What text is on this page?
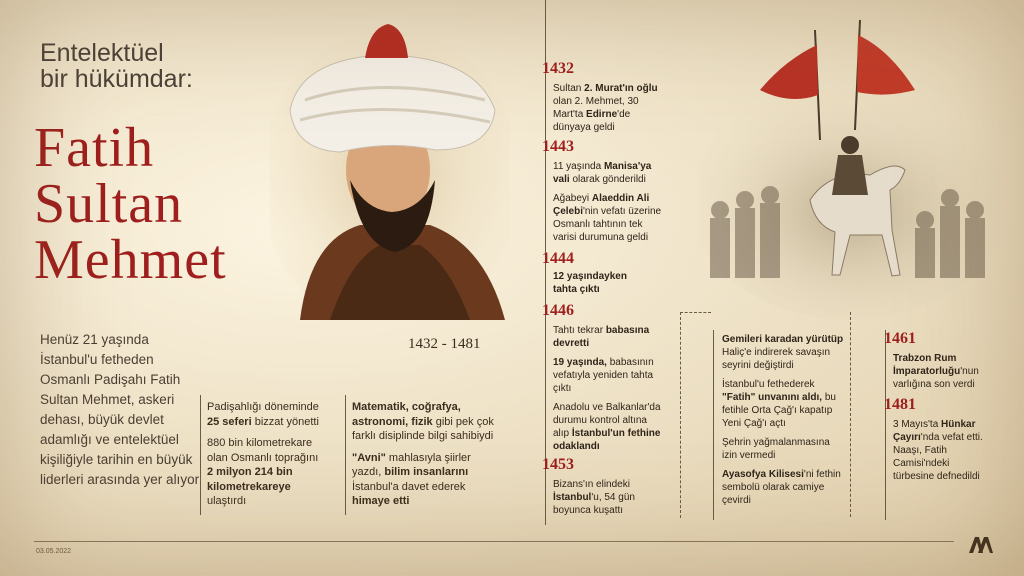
Entelektüel
bir hükümdar:
Fatih
Sultan
Mehmet
1432 - 1481
Henüz 21 yaşında İstanbul'u fetheden Osmanlı Padişahı Fatih Sultan Mehmet, askeri dehası, büyük devlet adamlığı ve entelektüel kişiliğiyle tarihin en büyük liderleri arasında yer alıyor

Padişahlığı döneminde 25 seferi bizzat yönetti

880 bin kilometrekare olan Osmanlı toprağını 2 milyon 214 bin kilometrekareye ulaştırdı

Matematik, coğrafya, astronomi, fizik gibi pek çok farklı disiplinde bilgi sahibiydi

"Avni" mahlasıyla şiirler yazdı, bilim insanlarını İstanbul'a davet ederek himaye etti

1432

Sultan 2. Murat'ın oğlu olan 2. Mehmet, 30 Mart'ta Edirne'de dünyaya geldi

1443

11 yaşında Manisa'ya vali olarak gönderildi

Ağabeyi Alaeddin Ali Çelebi'nin vefatı üzerine Osmanlı tahtının tek varisi durumuna geldi

1444

12 yaşındayken tahta çıktı

1446

Tahtı tekrar babasına devretti

19 yaşında, babasının vefatıyla yeniden tahta çıktı

Anadolu ve Balkanlar'da durumu kontrol altına alıp İstanbul'un fethine odaklandı

1453

Bizans'ın elindeki İstanbul'u, 54 gün boyunca kuşattı

Gemileri karadan yürütüp Haliç'e indirerek savaşın seyrini değiştirdi

İstanbul'u fethederek "Fatih" unvanını aldı, bu fetihle Orta Çağ'ı kapatıp Yeni Çağ'ı açtı

Şehrin yağmalanmasına izin vermedi

Ayasofya Kilisesi'ni fethin sembolü olarak camiye çevirdi

1461

Trabzon Rum İmparatorluğu'nun varlığına son verdi

1481

3 Mayıs'ta Hünkar Çayırı'nda vefat etti. Naaşı, Fatih Camisi'ndeki türbesine defnedildi

03.05.2022
